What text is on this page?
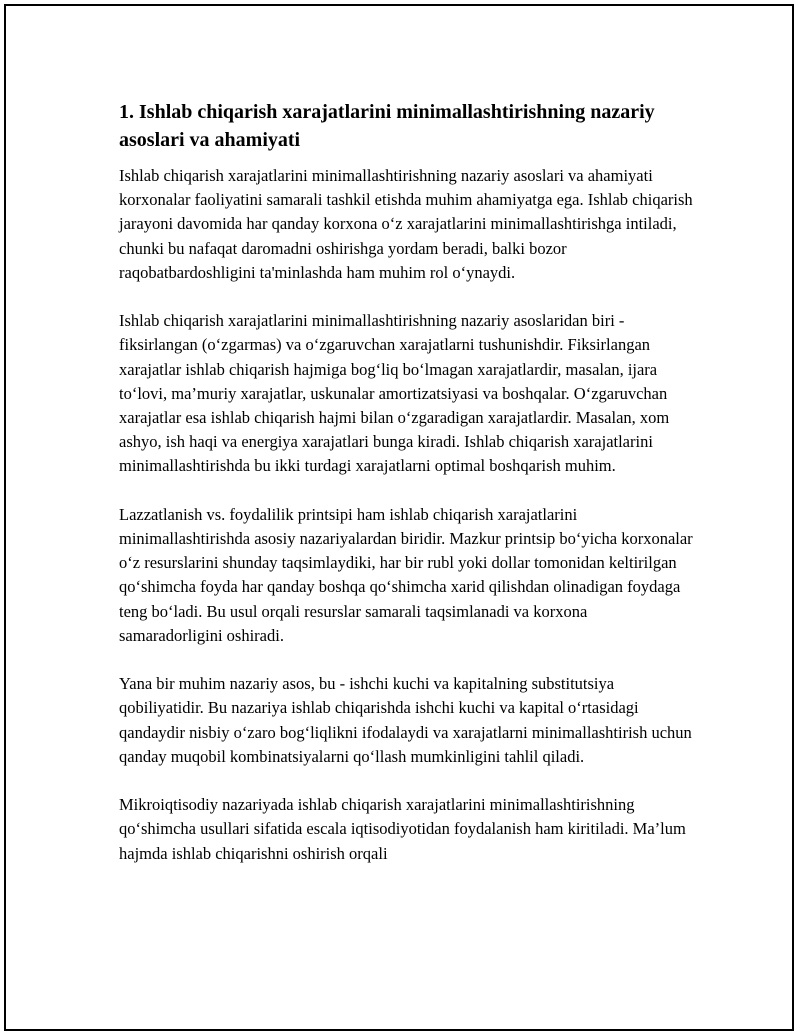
1. Ishlab chiqarish xarajatlarini minimallashtirishning nazariy asoslari va ahamiyati

Ishlab chiqarish xarajatlarini minimallashtirishning nazariy asoslari va ahamiyati korxonalar faoliyatini samarali tashkil etishda muhim ahamiyatga ega. Ishlab chiqarish jarayoni davomida har qanday korxona o‘z xarajatlarini minimallashtirishga intiladi, chunki bu nafaqat daromadni oshirishga yordam beradi, balki bozor raqobatbardoshligini ta'minlashda ham muhim rol o‘ynaydi.

Ishlab chiqarish xarajatlarini minimallashtirishning nazariy asoslaridan biri - fiksirlangan (o‘zgarmas) va o‘zgaruvchan xarajatlarni tushunishdir. Fiksirlangan xarajatlar ishlab chiqarish hajmiga bog‘liq bo‘lmagan xarajatlardir, masalan, ijara to‘lovi, ma’muriy xarajatlar, uskunalar amortizatsiyasi va boshqalar. O‘zgaruvchan xarajatlar esa ishlab chiqarish hajmi bilan o‘zgaradigan xarajatlardir. Masalan, xom ashyo, ish haqi va energiya xarajatlari bunga kiradi. Ishlab chiqarish xarajatlarini minimallashtirishda bu ikki turdagi xarajatlarni optimal boshqarish muhim.

Lazzatlanish vs. foydalilik printsipi ham ishlab chiqarish xarajatlarini minimallashtirishda asosiy nazariyalardan biridir. Mazkur printsip bo‘yicha korxonalar o‘z resurslarini shunday taqsimlaydiki, har bir rubl yoki dollar tomonidan keltirilgan qo‘shimcha foyda har qanday boshqa qo‘shimcha xarid qilishdan olinadigan foydaga teng bo‘ladi. Bu usul orqali resurslar samarali taqsimlanadi va korxona samaradorligini oshiradi.

Yana bir muhim nazariy asos, bu - ishchi kuchi va kapitalning substitutsiya qobiliyatidir. Bu nazariya ishlab chiqarishda ishchi kuchi va kapital o‘rtasidagi qandaydir nisbiy o‘zaro bog‘liqlikni ifodalaydi va xarajatlarni minimallashtirish uchun qanday muqobil kombinatsiyalarni qo‘llash mumkinligini tahlil qiladi.

Mikroiqtisodiy nazariyada ishlab chiqarish xarajatlarini minimallashtirishning qo‘shimcha usullari sifatida escala iqtisodiyotidan foydalanish ham kiritiladi. Ma’lum hajmda ishlab chiqarishni oshirish orqali
